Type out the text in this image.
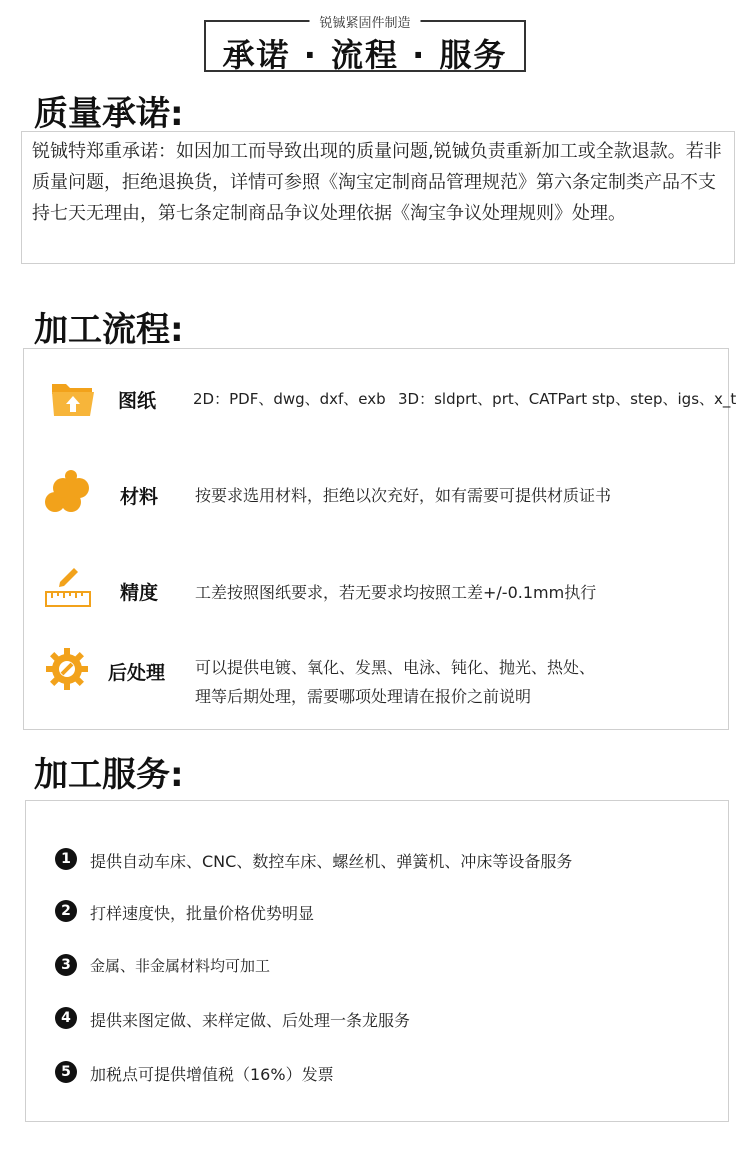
锐铖紧固件制造
承诺 · 流程 · 服务
质量承诺:
锐铖特郑重承诺：如因加工而导致出现的质量问题,锐铖负责重新加工或全款退款。若非质量问题，拒绝退换货，详情可参照《淘宝定制商品管理规范》第六条定制类产品不支持七天无理由，第七条定制商品争议处理依据《淘宝争议处理规则》处理。
加工流程:
图纸 2D：PDF、dwg、dxf、exb 3D：sldprt、prt、CATPart stp、step、igs、x_t
材料 按要求选用材料，拒绝以次充好，如有需要可提供材质证书
精度 工差按照图纸要求，若无要求均按照工差+/-0.1mm执行
后处理 可以提供电镀、氧化、发黑、电泳、钝化、抛光、热处、
理等后期处理，需要哪项处理请在报价之前说明
加工服务:
1	提供自动车床、CNC、数控车床、螺丝机、弹簧机、冲床等设备服务
2	打样速度快，批量价格优势明显
3	金属、非金属材料均可加工
4	提供来图定做、来样定做、后处理一条龙服务
5	加税点可提供增值税（16%）发票
